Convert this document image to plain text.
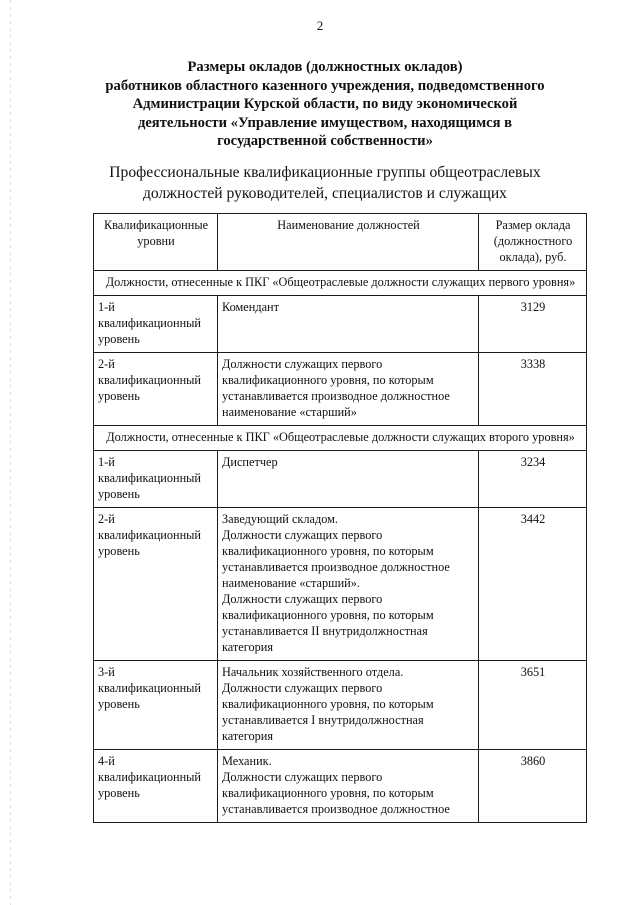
2
Размеры окладов (должностных окладов)
работников областного казенного учреждения, подведомственного
Администрации Курской области, по виду экономической
деятельности «Управление имуществом, находящимся в
государственной собственности»
Профессиональные квалификационные группы общеотраслевых
должностей руководителей, специалистов и служащих
Квалификационные уровни	Наименование должностей	Размер оклада (должностного оклада), руб.
Должности, отнесенные к ПКГ «Общеотраслевые должности служащих первого уровня»		
1-й квалификационный уровень	Комендант	3129
2-й квалификационный уровень	Должности служащих первого квалификационного уровня, по которым устанавливается производное должностное наименование «старший»	3338
Должности, отнесенные к ПКГ «Общеотраслевые должности служащих второго уровня»		
1-й квалификационный уровень	Диспетчер	3234
2-й квалификационный уровень	Заведующий складом.
Должности служащих первого квалификационного уровня, по которым устанавливается производное должностное наименование «старший».
Должности служащих первого квалификационного уровня, по которым устанавливается II внутридолжностная категория	3442
3-й квалификационный уровень	Начальник хозяйственного отдела.
Должности служащих первого квалификационного уровня, по которым устанавливается I внутридолжностная категория	3651
4-й квалификационный уровень	Механик.
Должности служащих первого квалификационного уровня, по которым устанавливается производное должностное	3860
